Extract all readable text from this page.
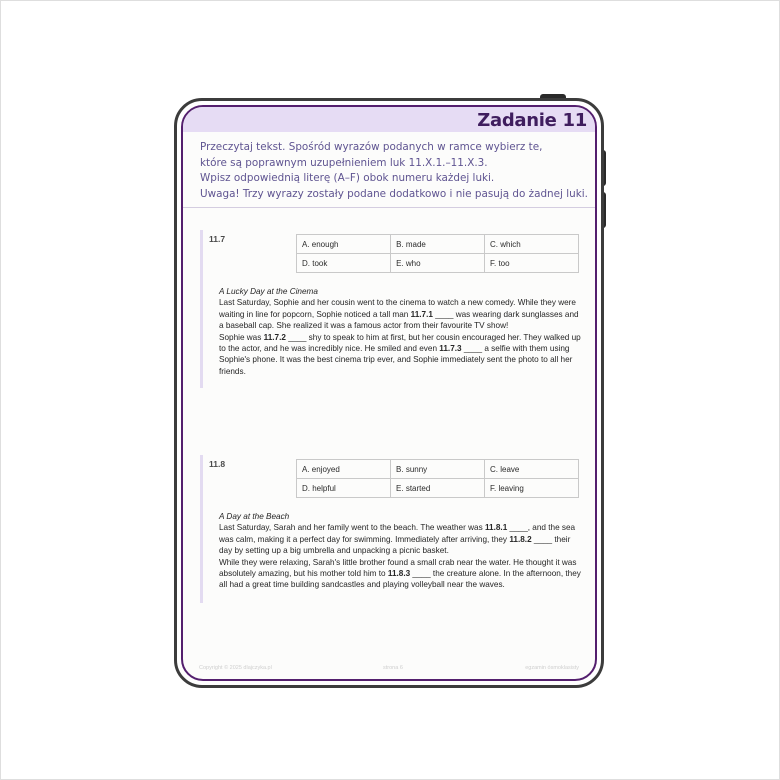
Zadanie 11
Przeczytaj tekst. Spośród wyrazów podanych w ramce wybierz te,
które są poprawnym uzupełnieniem luk 11.X.1.–11.X.3.
Wpisz odpowiednią literę (A–F) obok numeru każdej luki.
Uwaga! Trzy wyrazy zostały podane dodatkowo i nie pasują do żadnej luki.
11.7	A. enough	B. made	C. which
D. took	E. who	F. too
A Lucky Day at the Cinema
Last Saturday, Sophie and her cousin went to the cinema to watch a new comedy. While they were waiting in line for popcorn, Sophie noticed a tall man 11.7.1 ____ was wearing dark sunglasses and a baseball cap. She realized it was a famous actor from their favourite TV show!
Sophie was 11.7.2 ____ shy to speak to him at first, but her cousin encouraged her. They walked up to the actor, and he was incredibly nice. He smiled and even 11.7.3 ____ a selfie with them using Sophie's phone. It was the best cinema trip ever, and Sophie immediately sent the photo to all her friends.
11.8	A. enjoyed	B. sunny	C. leave
D. helpful	E. started	F. leaving
A Day at the Beach
Last Saturday, Sarah and her family went to the beach. The weather was 11.8.1 ____, and the sea was calm, making it a perfect day for swimming. Immediately after arriving, they 11.8.2 ____ their day by setting up a big umbrella and unpacking a picnic basket.
While they were relaxing, Sarah's little brother found a small crab near the water. He thought it was absolutely amazing, but his mother told him to 11.8.3 ____ the creature alone. In the afternoon, they all had a great time building sandcastles and playing volleyball near the waves.
Copyright © 2025 dlajczyka.pl	strona 6	egzamin ósmoklasisty
